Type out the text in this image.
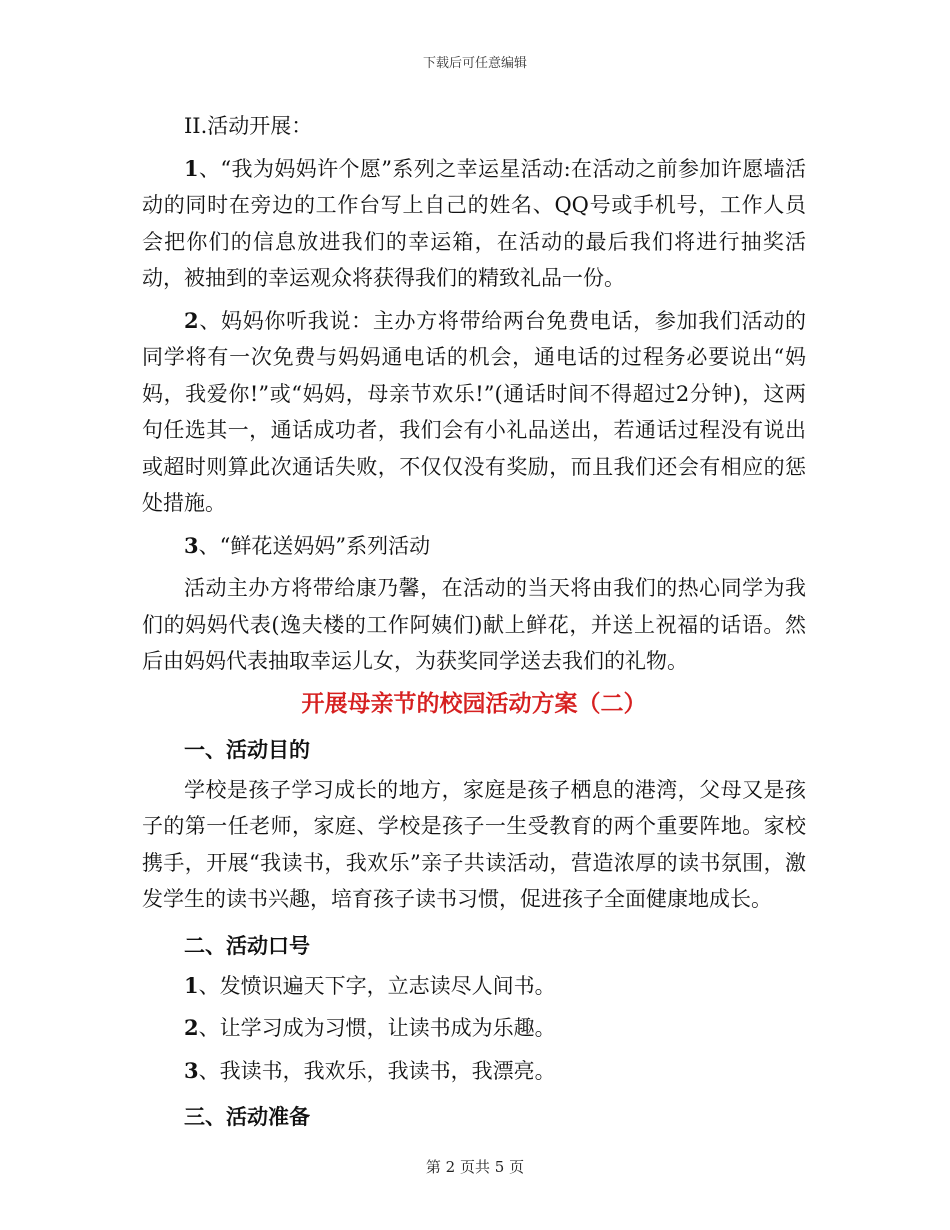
下载后可任意编辑

II.活动开展：

1、“我为妈妈许个愿”系列之幸运星活动:在活动之前参加许愿墙活动的同时在旁边的工作台写上自己的姓名、QQ号或手机号，工作人员会把你们的信息放进我们的幸运箱，在活动的最后我们将进行抽奖活动，被抽到的幸运观众将获得我们的精致礼品一份。

2、妈妈你听我说：主办方将带给两台免费电话，参加我们活动的同学将有一次免费与妈妈通电话的机会，通电话的过程务必要说出“妈妈，我爱你!”或“妈妈，母亲节欢乐!”(通话时间不得超过2分钟)，这两句任选其一，通话成功者，我们会有小礼品送出，若通话过程没有说出或超时则算此次通话失败，不仅仅没有奖励，而且我们还会有相应的惩处措施。

3、“鲜花送妈妈”系列活动

活动主办方将带给康乃馨，在活动的当天将由我们的热心同学为我们的妈妈代表(逸夫楼的工作阿姨们)献上鲜花，并送上祝福的话语。然后由妈妈代表抽取幸运儿女，为获奖同学送去我们的礼物。

开展母亲节的校园活动方案（二）

一、活动目的

学校是孩子学习成长的地方，家庭是孩子栖息的港湾，父母又是孩子的第一任老师，家庭、学校是孩子一生受教育的两个重要阵地。家校携手，开展“我读书，我欢乐”亲子共读活动，营造浓厚的读书氛围，激发学生的读书兴趣，培育孩子读书习惯，促进孩子全面健康地成长。

二、活动口号

1、发愤识遍天下字，立志读尽人间书。

2、让学习成为习惯，让读书成为乐趣。

3、我读书，我欢乐，我读书，我漂亮。

三、活动准备

第 2 页共 5 页
